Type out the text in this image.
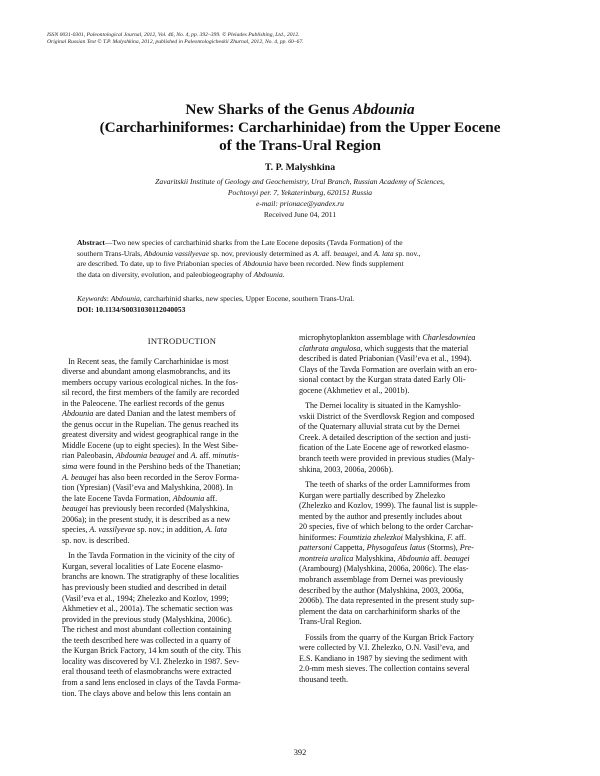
ISSN 0031-0301, Paleontological Journal, 2012, Vol. 46, No. 4, pp. 392–399. © Pleiades Publishing, Ltd., 2012.
Original Russian Text © T.P. Malyshkina, 2012, published in Paleontologicheskii Zhurnal, 2012, No. 4, pp. 60–67.
New Sharks of the Genus Abdounia
(Carcharhiniformes: Carcharhinidae) from the Upper Eocene
of the Trans-Ural Region
T. P. Malyshkina
Zavaritskii Institute of Geology and Geochemistry, Ural Branch, Russian Academy of Sciences,
Pochtovyi per. 7, Yekaterinburg, 620151 Russia
e-mail: prionace@yandex.ru
Received June 04, 2011
Abstract—Two new species of carcharhinid sharks from the Late Eocene deposits (Tavda Formation) of the
southern Trans-Urals, Abdounia vassilyevae sp. nov, previously determined as A. aff. beaugei, and A. lata sp. nov.,
are described. To date, up to five Priabonian species of Abdounia have been recorded. New finds supplement
the data on diversity, evolution, and paleobiogeography of Abdounia.
Keywords: Abdounia, carcharhinid sharks, new species, Upper Eocene, southern Trans-Ural.
DOI: 10.1134/S0031030112040053
INTRODUCTION

In Recent seas, the family Carcharhinidae is most
diverse and abundant among elasmobranchs, and its
members occupy various ecological niches. In the fos-
sil record, the first members of the family are recorded
in the Paleocene. The earliest records of the genus
Abdounia are dated Danian and the latest members of
the genus occur in the Rupelian. The genus reached its
greatest diversity and widest geographical range in the
Middle Eocene (up to eight species). In the West Sibe-
rian Paleobasin, Abdounia beaugei and A. aff. minutis-
sima were found in the Pershino beds of the Thanetian;
A. beaugei has also been recorded in the Serov Forma-
tion (Ypresian) (Vasil’eva and Malyshkina, 2008). In
the late Eocene Tavda Formation, Abdounia aff.
beaugei has previously been recorded (Malyshkina,
2006a); in the present study, it is described as a new
species, A. vassilyevae sp. nov.; in addition, A. lata
sp. nov. is described.

In the Tavda Formation in the vicinity of the city of
Kurgan, several localities of Late Eocene elasmo-
branchs are known. The stratigraphy of these localities
has previously been studied and described in detail
(Vasil’eva et al., 1994; Zhelezko and Kozlov, 1999;
Akhmetiev et al., 2001a). The schematic section was
provided in the previous study (Malyshkina, 2006c).
The richest and most abundant collection containing
the teeth described here was collected in a quarry of
the Kurgan Brick Factory, 14 km south of the city. This
locality was discovered by V.I. Zhelezko in 1987. Sev-
eral thousand teeth of elasmobranchs were extracted
from a sand lens enclosed in clays of the Tavda Forma-
tion. The clays above and below this lens contain an

microphytoplankton assemblage with Charlesdowniea
clathrata angulosa, which suggests that the material
described is dated Priabonian (Vasil’eva et al., 1994).
Clays of the Tavda Formation are overlain with an ero-
sional contact by the Kurgan strata dated Early Oli-
gocene (Akhmetiev et al., 2001b).

The Dernei locality is situated in the Kamyshlo-
vskii District of the Sverdlovsk Region and composed
of the Quaternary alluvial strata cut by the Dernei
Creek. A detailed description of the section and justi-
fication of the Late Eocene age of reworked elasmo-
branch teeth were provided in previous studies (Maly-
shkina, 2003, 2006a, 2006b).

The teeth of sharks of the order Lamniformes from
Kurgan were partially described by Zhelezko
(Zhelezko and Kozlov, 1999). The faunal list is supple-
mented by the author and presently includes about
20 species, five of which belong to the order Carchar-
hiniformes: Foumtizia zhelezkoi Malyshkina, F. aff.
pattersoni Cappetta, Physogaleus latus (Storms), Pre-
montreia uralica Malyshkina, Abdounia aff. beaugei
(Arambourg) (Malyshkina, 2006a, 2006c). The elas-
mobranch assemblage from Dernei was previously
described by the author (Malyshkina, 2003, 2006a,
2006b). The data represented in the present study sup-
plement the data on carcharhiniform sharks of the
Trans-Ural Region.

Fossils from the quarry of the Kurgan Brick Factory
were collected by V.I. Zhelezko, O.N. Vasil’eva, and
E.S. Kandiano in 1987 by sieving the sediment with
2.0-mm mesh sieves. The collection contains several
thousand teeth.

392
